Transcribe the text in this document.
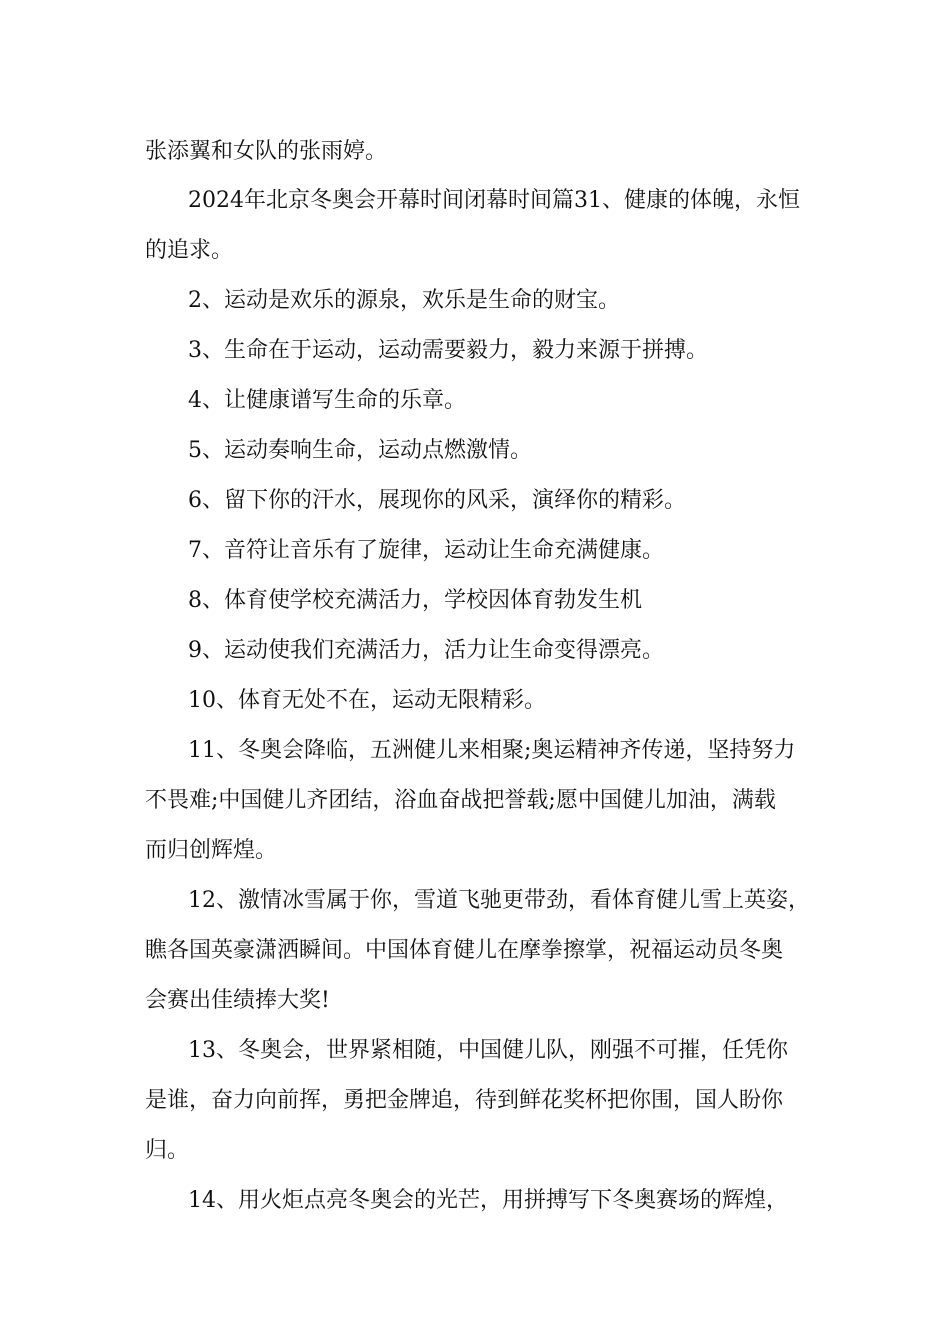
张添翼和女队的张雨婷。
2024年北京冬奥会开幕时间闭幕时间篇31、健康的体魄，永恒
的追求。
2、运动是欢乐的源泉，欢乐是生命的财宝。
3、生命在于运动，运动需要毅力，毅力来源于拼搏。
4、让健康谱写生命的乐章。
5、运动奏响生命，运动点燃激情。
6、留下你的汗水，展现你的风采，演绎你的精彩。
7、音符让音乐有了旋律，运动让生命充满健康。
8、体育使学校充满活力，学校因体育勃发生机
9、运动使我们充满活力，活力让生命变得漂亮。
10、体育无处不在，运动无限精彩。
11、冬奥会降临，五洲健儿来相聚;奥运精神齐传递，坚持努力
不畏难;中国健儿齐团结，浴血奋战把誉载;愿中国健儿加油，满载
而归创辉煌。
12、激情冰雪属于你，雪道飞驰更带劲，看体育健儿雪上英姿，
瞧各国英豪潇洒瞬间。中国体育健儿在摩拳擦掌，祝福运动员冬奥
会赛出佳绩捧大奖!
13、冬奥会，世界紧相随，中国健儿队，刚强不可摧，任凭你
是谁，奋力向前挥，勇把金牌追，待到鲜花奖杯把你围，国人盼你
归。
14、用火炬点亮冬奥会的光芒，用拼搏写下冬奥赛场的辉煌，
